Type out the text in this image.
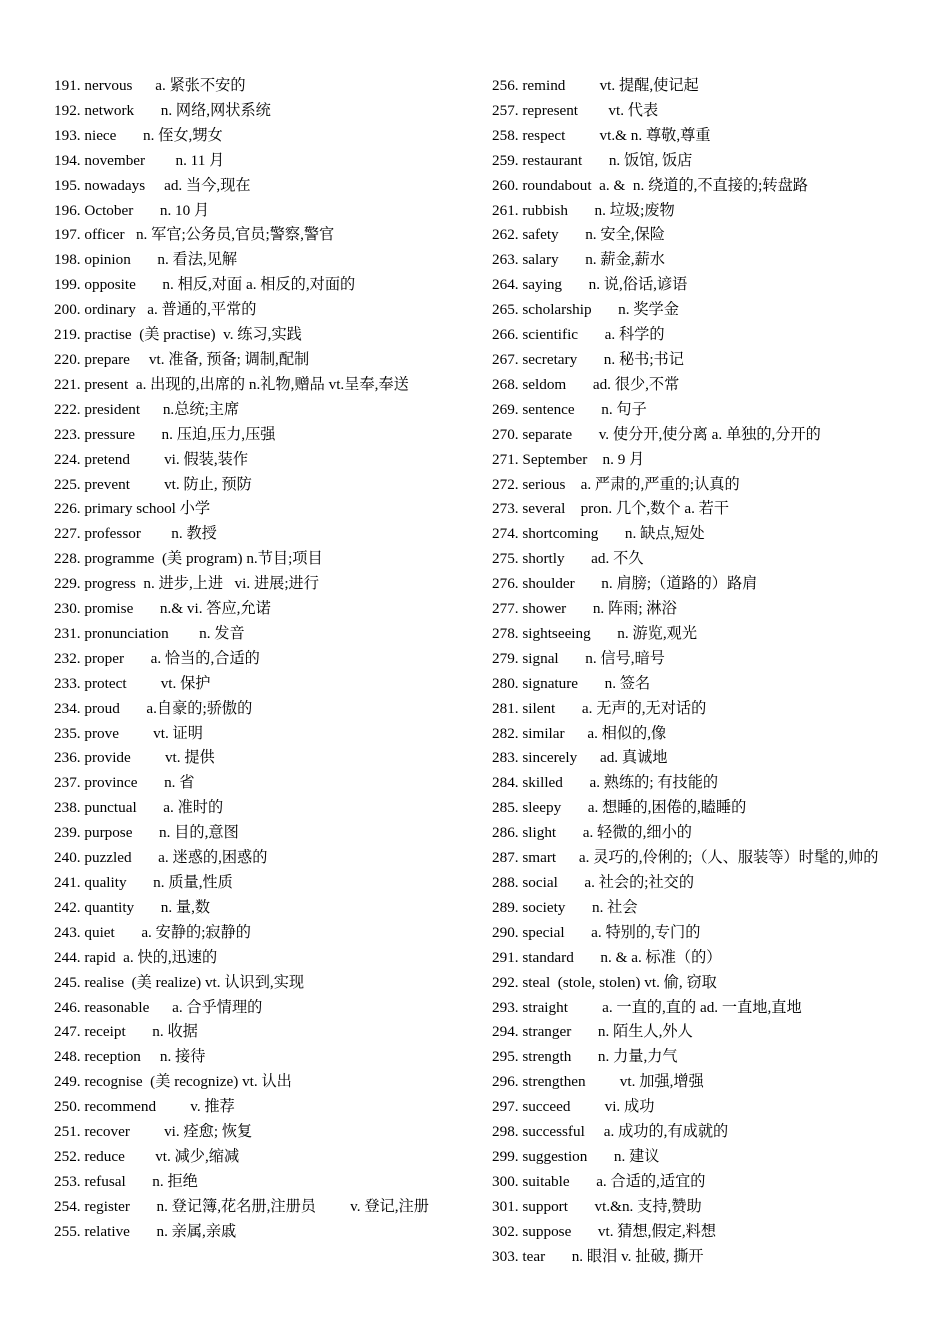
191. nervous      a. 紧张不安的
192. network       n. 网络,网状系统
193. niece       n. 侄女,甥女
194. november        n. 11 月
195. nowadays     ad. 当今,现在
196. October       n. 10 月
197. officer   n. 军官;公务员,官员;警察,警官
198. opinion       n. 看法,见解
199. opposite       n. 相反,对面 a. 相反的,对面的
200. ordinary   a. 普通的,平常的
219. practise  (美 practise)  v. 练习,实践
220. prepare     vt. 准备, 预备; 调制,配制
221. present  a. 出现的,出席的 n.礼物,赠品 vt.呈奉,奉送
222. president      n.总统;主席
223. pressure       n. 压迫,压力,压强
224. pretend         vi. 假装,装作
225. prevent         vt. 防止, 预防
226. primary school 小学
227. professor        n. 教授
228. programme  (美 program) n.节目;项目
229. progress  n. 进步,上进   vi. 进展;进行
230. promise       n.& vi. 答应,允诺
231. pronunciation        n. 发音
232. proper       a. 恰当的,合适的
233. protect         vt. 保护
234. proud       a.自豪的;骄傲的
235. prove         vt. 证明
236. provide         vt. 提供
237. province       n. 省
238. punctual       a. 准时的
239. purpose       n. 目的,意图
240. puzzled       a. 迷惑的,困惑的
241. quality       n. 质量,性质
242. quantity       n. 量,数
243. quiet       a. 安静的;寂静的
244. rapid  a. 快的,迅速的
245. realise  (美 realize) vt. 认识到,实现
246. reasonable      a. 合乎情理的
247. receipt       n. 收据
248. reception     n. 接待
249. recognise  (美 recognize) vt. 认出
250. recommend         v. 推荐
251. recover         vi. 痊愈; 恢复
252. reduce        vt. 减少,缩减
253. refusal       n. 拒绝
254. register       n. 登记簿,花名册,注册员         v. 登记,注册
255. relative       n. 亲属,亲戚
256. remind         vt. 提醒,使记起
257. represent        vt. 代表
258. respect         vt.& n. 尊敬,尊重
259. restaurant       n. 饭馆, 饭店
260. roundabout  a. &  n. 绕道的,不直接的;转盘路
261. rubbish       n. 垃圾;废物
262. safety       n. 安全,保险
263. salary       n. 薪金,薪水
264. saying       n. 说,俗话,谚语
265. scholarship       n. 奖学金
266. scientific       a. 科学的
267. secretary       n. 秘书;书记
268. seldom       ad. 很少,不常
269. sentence       n. 句子
270. separate       v. 使分开,使分离 a. 单独的,分开的
271. September    n. 9 月
272. serious    a. 严肃的,严重的;认真的
273. several    pron. 几个,数个 a. 若干
274. shortcoming       n. 缺点,短处
275. shortly       ad. 不久
276. shoulder       n. 肩膀;（道路的）路肩
277. shower       n. 阵雨; 淋浴
278. sightseeing       n. 游览,观光
279. signal       n. 信号,暗号
280. signature       n. 签名
281. silent       a. 无声的,无对话的
282. similar      a. 相似的,像
283. sincerely      ad. 真诚地
284. skilled       a. 熟练的; 有技能的
285. sleepy       a. 想睡的,困倦的,瞌睡的
286. slight       a. 轻微的,细小的
287. smart      a. 灵巧的,伶俐的;（人、服装等）时髦的,帅的
288. social       a. 社会的;社交的
289. society       n. 社会
290. special       a. 特别的,专门的
291. standard       n. & a. 标准（的）
292. steal  (stole, stolen) vt. 偷, 窃取
293. straight         a. 一直的,直的 ad. 一直地,直地
294. stranger       n. 陌生人,外人
295. strength       n. 力量,力气
296. strengthen         vt. 加强,增强
297. succeed         vi. 成功
298. successful     a. 成功的,有成就的
299. suggestion       n. 建议
300. suitable       a. 合适的,适宜的
301. support       vt.&n. 支持,赞助
302. suppose       vt. 猜想,假定,料想
303. tear       n. 眼泪 v. 扯破, 撕开
